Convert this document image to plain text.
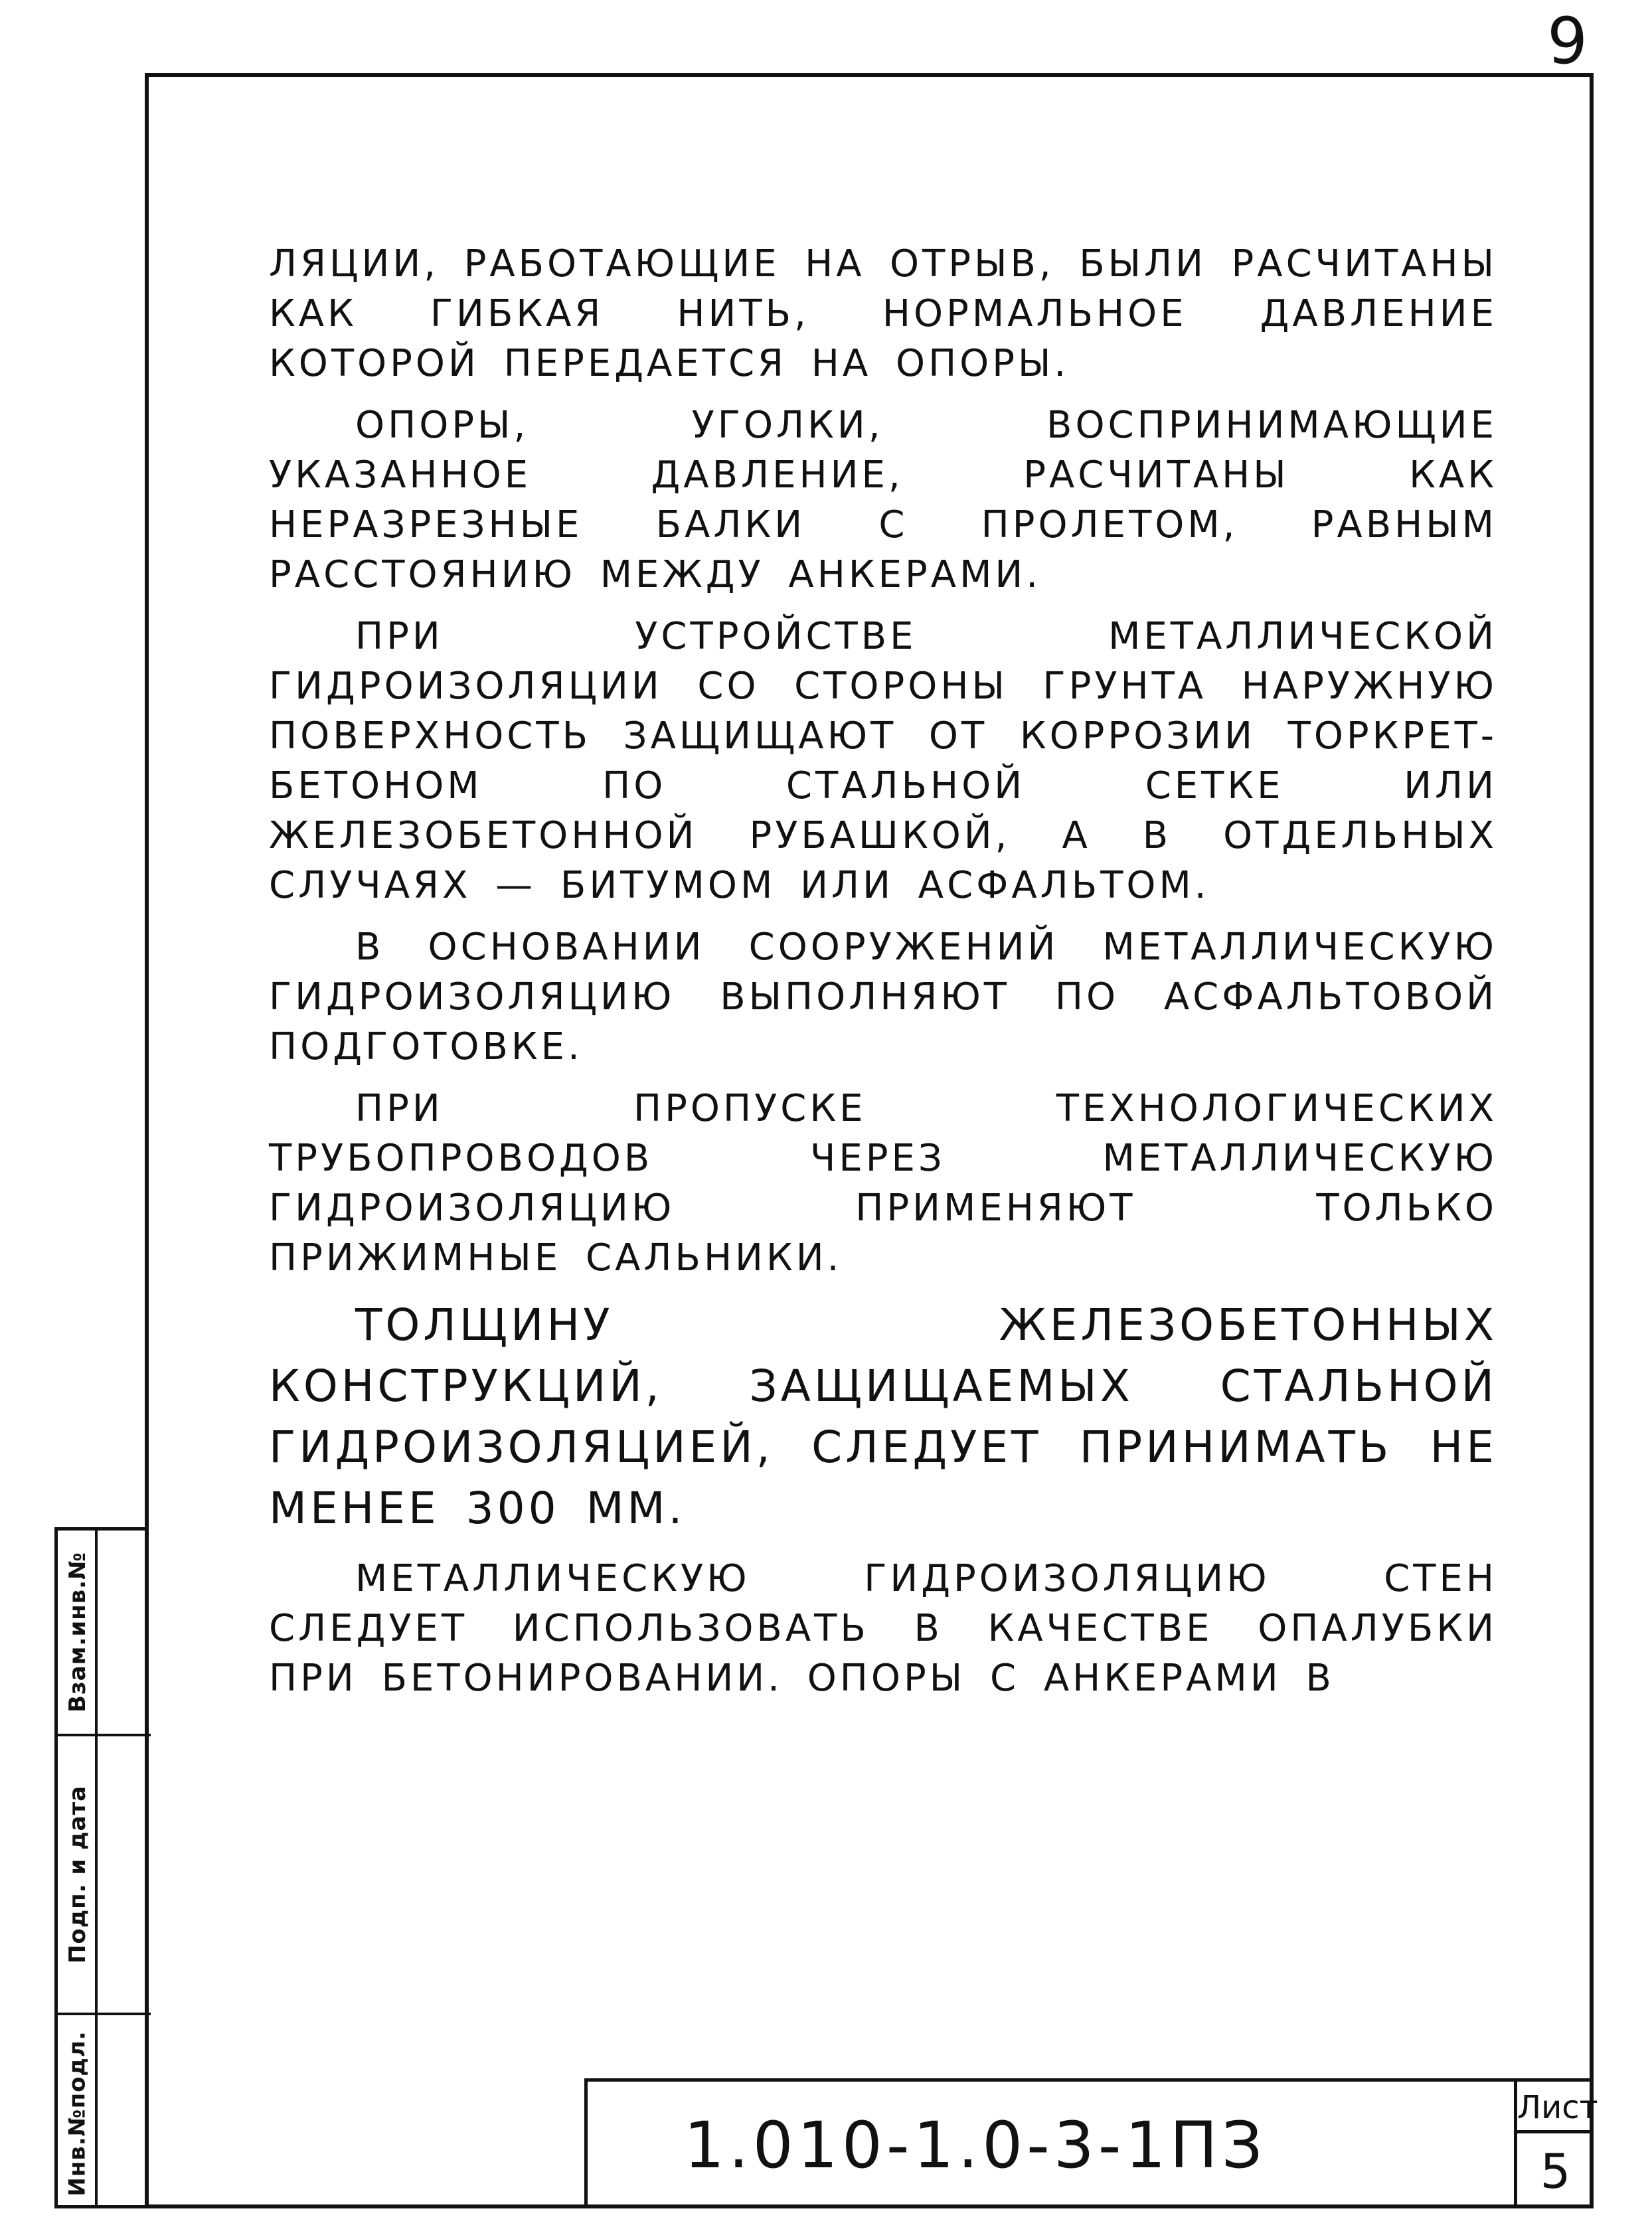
9

ЛЯЦИИ, РАБОТАЮЩИЕ НА ОТРЫВ, БЫЛИ РАСЧИТАНЫ КАК ГИБКАЯ НИТЬ, НОРМАЛЬНОЕ ДАВЛЕНИЕ КОТОРОЙ ПЕРЕДАЕТСЯ НА ОПОРЫ.

ОПОРЫ, УГОЛКИ, ВОСПРИНИМАЮЩИЕ УКАЗАННОЕ ДАВЛЕНИЕ, РАСЧИТАНЫ КАК НЕРАЗРЕЗНЫЕ БАЛКИ С ПРОЛЕТОМ, РАВНЫМ РАССТОЯНИЮ МЕЖДУ АНКЕРАМИ.

ПРИ УСТРОЙСТВЕ МЕТАЛЛИЧЕСКОЙ ГИДРОИЗОЛЯЦИИ СО СТОРОНЫ ГРУНТА НАРУЖНУЮ ПОВЕРХНОСТЬ ЗАЩИЩАЮТ ОТ КОРРОЗИИ ТОРКРЕТ-БЕТОНОМ ПО СТАЛЬНОЙ СЕТКЕ ИЛИ ЖЕЛЕЗОБЕТОННОЙ РУБАШКОЙ, А В ОТДЕЛЬНЫХ СЛУЧАЯХ — БИТУМОМ ИЛИ АСФАЛЬТОМ.

В ОСНОВАНИИ СООРУЖЕНИЙ МЕТАЛЛИЧЕСКУЮ ГИДРОИЗОЛЯЦИЮ ВЫПОЛНЯЮТ ПО АСФАЛЬТОВОЙ ПОДГОТОВКЕ.

ПРИ ПРОПУСКЕ ТЕХНОЛОГИЧЕСКИХ ТРУБОПРОВОДОВ ЧЕРЕЗ МЕТАЛЛИЧЕСКУЮ ГИДРОИЗОЛЯЦИЮ ПРИМЕНЯЮТ ТОЛЬКО ПРИЖИМНЫЕ САЛЬНИКИ.

ТОЛЩИНУ ЖЕЛЕЗОБЕТОННЫХ КОНСТРУКЦИЙ, ЗАЩИЩАЕМЫХ СТАЛЬНОЙ ГИДРОИЗОЛЯЦИЕЙ, СЛЕДУЕТ ПРИНИМАТЬ НЕ МЕНЕЕ 300 ММ.

МЕТАЛЛИЧЕСКУЮ ГИДРОИЗОЛЯЦИЮ СТЕН СЛЕДУЕТ ИСПОЛЬЗОВАТЬ В КАЧЕСТВЕ ОПАЛУБКИ ПРИ БЕТОНИРОВАНИИ. ОПОРЫ С АНКЕРАМИ В

Взам.инв.№
Подп. и дата
Инв.№подл.	1.010-1.0-3-1ПЗ
Лист
5
